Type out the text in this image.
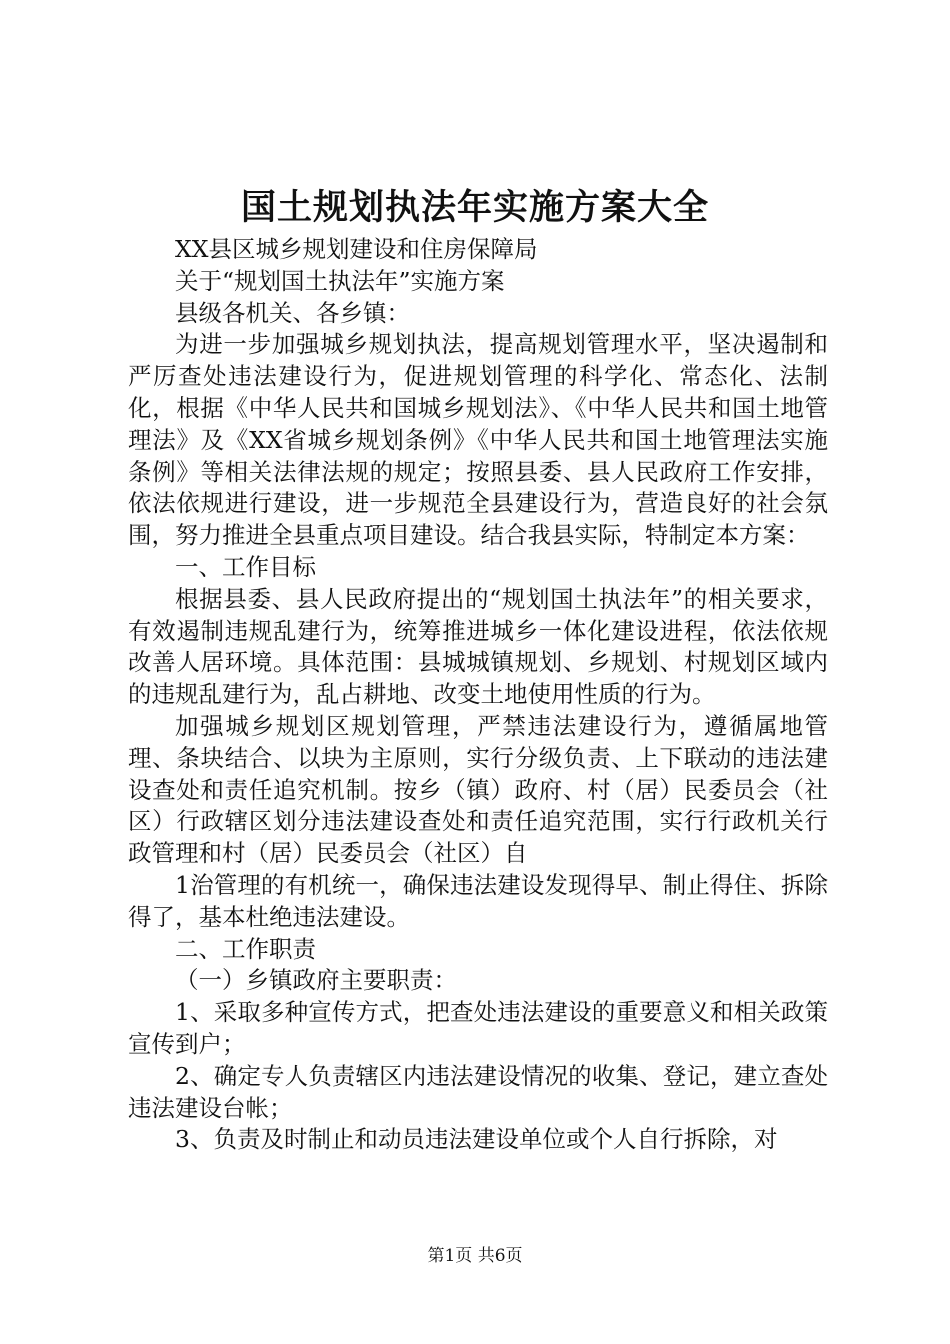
国土规划执法年实施方案大全

XX县区城乡规划建设和住房保障局

关于“规划国土执法年”实施方案

县级各机关、各乡镇：

为进一步加强城乡规划执法，提高规划管理水平，坚决遏制和严厉查处违法建设行为，促进规划管理的科学化、常态化、法制化，根据《中华人民共和国城乡规划法》、《中华人民共和国土地管理法》及《XX省城乡规划条例》《中华人民共和国土地管理法实施条例》等相关法律法规的规定；按照县委、县人民政府工作安排，依法依规进行建设，进一步规范全县建设行为，营造良好的社会氛围，努力推进全县重点项目建设。结合我县实际，特制定本方案：

一、工作目标

根据县委、县人民政府提出的“规划国土执法年”的相关要求，有效遏制违规乱建行为，统筹推进城乡一体化建设进程，依法依规改善人居环境。具体范围：县城城镇规划、乡规划、村规划区域内的违规乱建行为，乱占耕地、改变土地使用性质的行为。

加强城乡规划区规划管理，严禁违法建设行为，遵循属地管理、条块结合、以块为主原则，实行分级负责、上下联动的违法建设查处和责任追究机制。按乡（镇）政府、村（居）民委员会（社区）行政辖区划分违法建设查处和责任追究范围，实行行政机关行政管理和村（居）民委员会（社区）自

1治管理的有机统一，确保违法建设发现得早、制止得住、拆除得了，基本杜绝违法建设。

二、工作职责

（一）乡镇政府主要职责：

1、采取多种宣传方式，把查处违法建设的重要意义和相关政策宣传到户；

2、确定专人负责辖区内违法建设情况的收集、登记，建立查处违法建设台帐；

3、负责及时制止和动员违法建设单位或个人自行拆除，对

第1页 共6页
